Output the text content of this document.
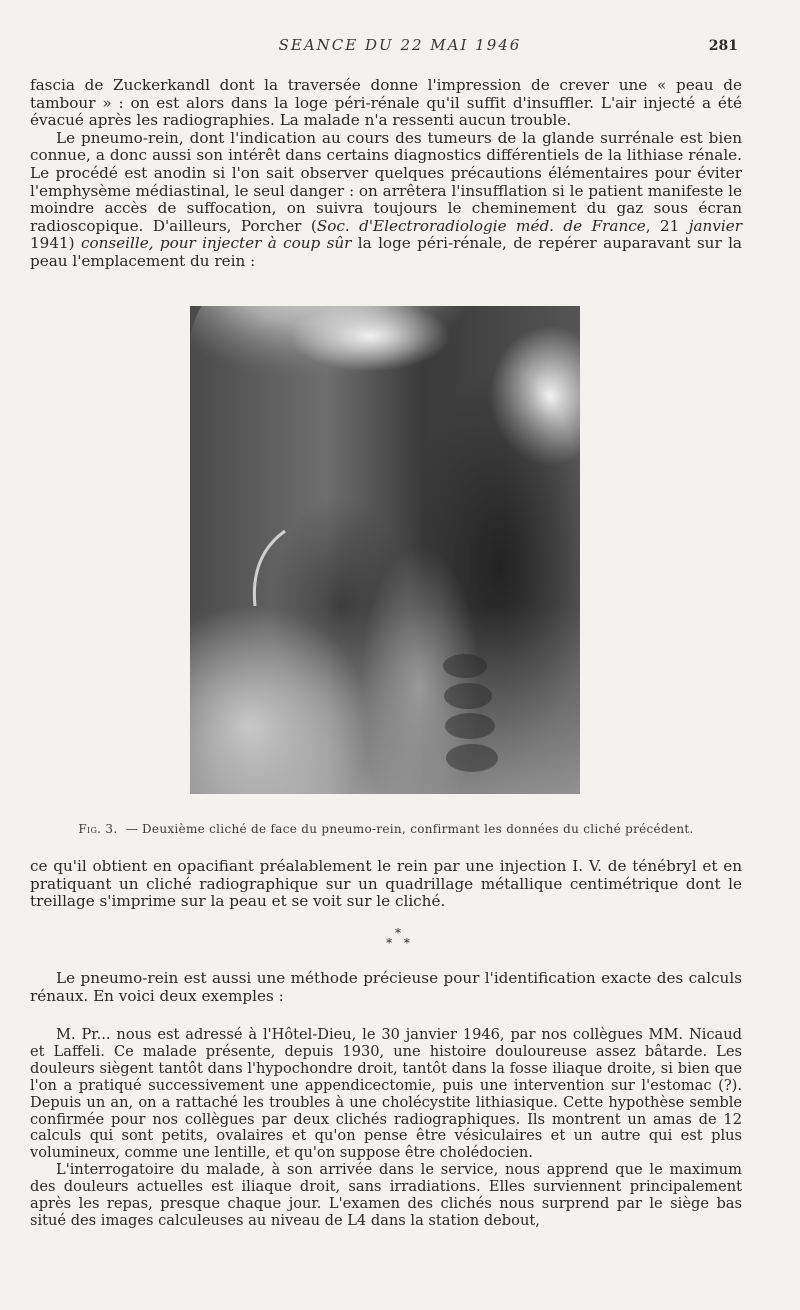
SEANCE DU 22 MAI 1946	281

fascia de Zuckerkandl dont la traversée donne l'impression de crever une « peau de tambour » : on est alors dans la loge péri-rénale qu'il suffit d'insuffler. L'air injecté a été évacué après les radiographies. La malade n'a ressenti aucun trouble.

Le pneumo-rein, dont l'indication au cours des tumeurs de la glande surrénale est bien connue, a donc aussi son intérêt dans certains diagnostics différentiels de la lithiase rénale. Le procédé est anodin si l'on sait observer quelques précautions élémentaires pour éviter l'emphysème médiastinal, le seul danger : on arrêtera l'insufflation si le patient manifeste le moindre accès de suffocation, on suivra toujours le cheminement du gaz sous écran radioscopique. D'ailleurs, Porcher (Soc. d'Electroradiologie méd. de France, 21 janvier 1941) conseille, pour injecter à coup sûr la loge péri-rénale, de repérer auparavant sur la peau l'emplacement du rein :

Fig. 3. — Deuxième cliché de face du pneumo-rein, confirmant les données du cliché précédent.

ce qu'il obtient en opacifiant préalablement le rein par une injection I. V. de ténébryl et en pratiquant un cliché radiographique sur un quadrillage métallique centimétrique dont le treillage s'imprime sur la peau et se voit sur le cliché.

*
* *

Le pneumo-rein est aussi une méthode précieuse pour l'identification exacte des calculs rénaux. En voici deux exemples :

M. Pr... nous est adressé à l'Hôtel-Dieu, le 30 janvier 1946, par nos collègues MM. Nicaud et Laffeli. Ce malade présente, depuis 1930, une histoire douloureuse assez bâtarde. Les douleurs siègent tantôt dans l'hypochondre droit, tantôt dans la fosse iliaque droite, si bien que l'on a pratiqué successivement une appendicectomie, puis une intervention sur l'estomac (?). Depuis un an, on a rattaché les troubles à une cholécystite lithiasique. Cette hypothèse semble confirmée pour nos collègues par deux clichés radiographiques. Ils montrent un amas de 12 calculs qui sont petits, ovalaires et qu'on pense être vésiculaires et un autre qui est plus volumineux, comme une lentille, et qu'on suppose être cholédocien.

L'interrogatoire du malade, à son arrivée dans le service, nous apprend que le maximum des douleurs actuelles est iliaque droit, sans irradiations. Elles surviennent principalement après les repas, presque chaque jour. L'examen des clichés nous surprend par le siège bas situé des images calculeuses au niveau de L4 dans la station debout,
